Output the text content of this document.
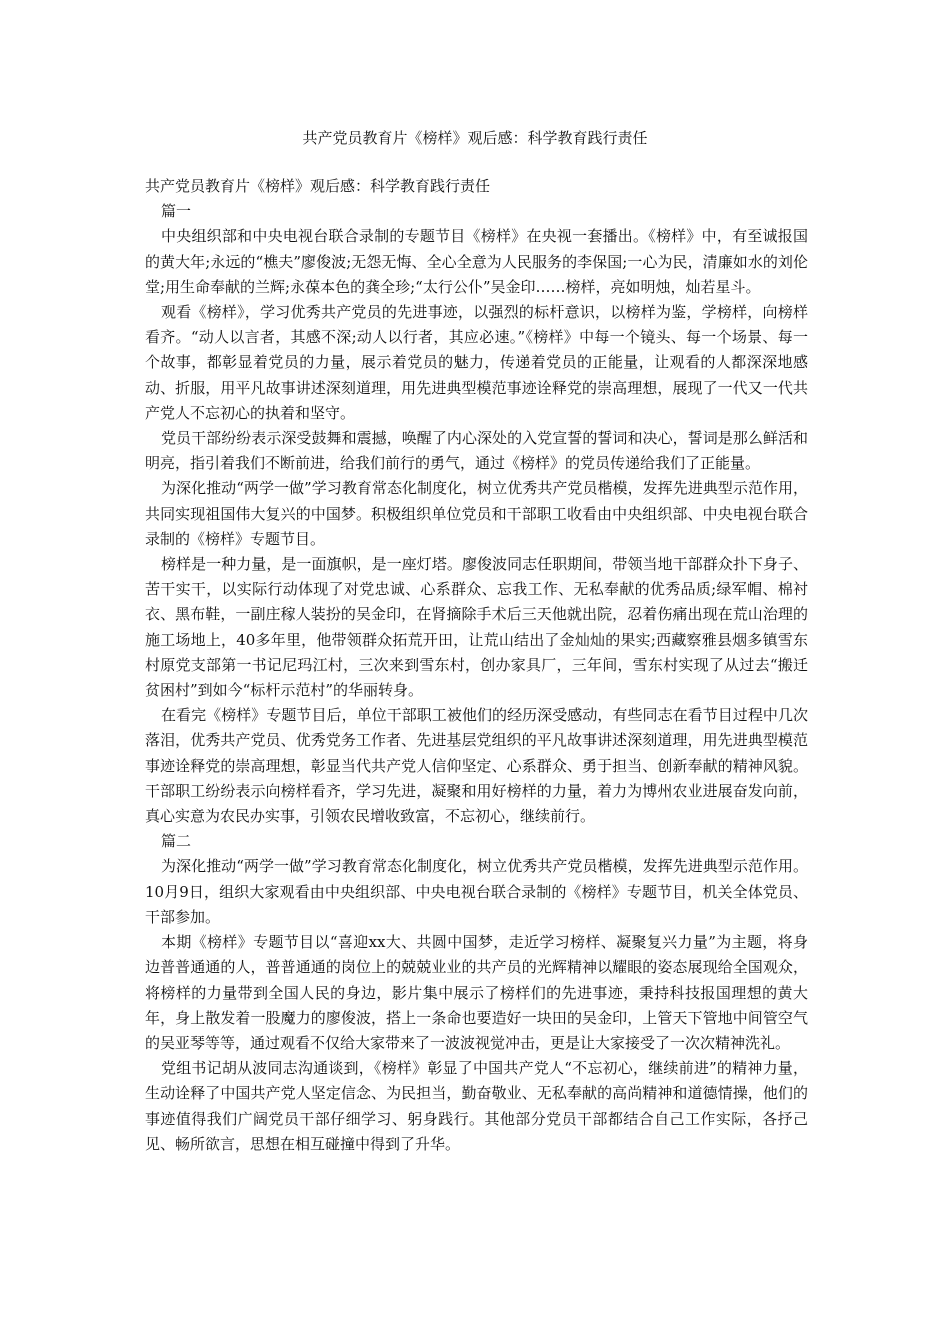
共产党员教育片《榜样》观后感：科学教育践行责任

共产党员教育片《榜样》观后感：科学教育践行责任

篇一

中央组织部和中央电视台联合录制的专题节目《榜样》在央视一套播出。《榜样》中，有至诚报国的黄大年;永远的“樵夫”廖俊波;无怨无悔、全心全意为人民服务的李保国;一心为民，清廉如水的刘伦堂;用生命奉献的兰辉;永葆本色的龚全珍;“太行公仆”吴金印……榜样，亮如明烛，灿若星斗。

观看《榜样》，学习优秀共产党员的先进事迹，以强烈的标杆意识，以榜样为鉴，学榜样，向榜样看齐。“动人以言者，其感不深;动人以行者，其应必速。”《榜样》中每一个镜头、每一个场景、每一个故事，都彰显着党员的力量，展示着党员的魅力，传递着党员的正能量，让观看的人都深深地感动、折服，用平凡故事讲述深刻道理，用先进典型模范事迹诠释党的崇高理想，展现了一代又一代共产党人不忘初心的执着和坚守。

党员干部纷纷表示深受鼓舞和震撼，唤醒了内心深处的入党宣誓的誓词和决心，誓词是那么鲜活和明亮，指引着我们不断前进，给我们前行的勇气，通过《榜样》的党员传递给我们了正能量。

为深化推动“两学一做”学习教育常态化制度化，树立优秀共产党员楷模，发挥先进典型示范作用，共同实现祖国伟大复兴的中国梦。积极组织单位党员和干部职工收看由中央组织部、中央电视台联合录制的《榜样》专题节目。

榜样是一种力量，是一面旗帜，是一座灯塔。廖俊波同志任职期间，带领当地干部群众扑下身子、苦干实干，以实际行动体现了对党忠诚、心系群众、忘我工作、无私奉献的优秀品质;绿军帽、棉衬衣、黑布鞋，一副庄稼人装扮的吴金印，在肾摘除手术后三天他就出院，忍着伤痛出现在荒山治理的施工场地上，40多年里，他带领群众拓荒开田，让荒山结出了金灿灿的果实;西藏察雅县烟多镇雪东村原党支部第一书记尼玛江村，三次来到雪东村，创办家具厂，三年间，雪东村实现了从过去“搬迁贫困村”到如今“标杆示范村”的华丽转身。

在看完《榜样》专题节目后，单位干部职工被他们的经历深受感动，有些同志在看节目过程中几次落泪，优秀共产党员、优秀党务工作者、先进基层党组织的平凡故事讲述深刻道理，用先进典型模范事迹诠释党的崇高理想，彰显当代共产党人信仰坚定、心系群众、勇于担当、创新奉献的精神风貌。干部职工纷纷表示向榜样看齐，学习先进，凝聚和用好榜样的力量，着力为博州农业进展奋发向前，真心实意为农民办实事，引领农民增收致富，不忘初心，继续前行。

篇二

为深化推动“两学一做”学习教育常态化制度化，树立优秀共产党员楷模，发挥先进典型示范作用。10月9日，组织大家观看由中央组织部、中央电视台联合录制的《榜样》专题节目，机关全体党员、干部参加。

本期《榜样》专题节目以“喜迎xx大、共圆中国梦，走近学习榜样、凝聚复兴力量”为主题，将身边普普通通的人，普普通通的岗位上的兢兢业业的共产员的光辉精神以耀眼的姿态展现给全国观众，将榜样的力量带到全国人民的身边，影片集中展示了榜样们的先进事迹，秉持科技报国理想的黄大年，身上散发着一股魔力的廖俊波，搭上一条命也要造好一块田的吴金印，上管天下管地中间管空气的吴亚琴等等，通过观看不仅给大家带来了一波波视觉冲击，更是让大家接受了一次次精神洗礼。

党组书记胡从波同志沟通谈到，《榜样》彰显了中国共产党人“不忘初心，继续前进”的精神力量，生动诠释了中国共产党人坚定信念、为民担当，勤奋敬业、无私奉献的高尚精神和道德情操，他们的事迹值得我们广阔党员干部仔细学习、躬身践行。其他部分党员干部都结合自己工作实际，各抒己见、畅所欲言，思想在相互碰撞中得到了升华。
